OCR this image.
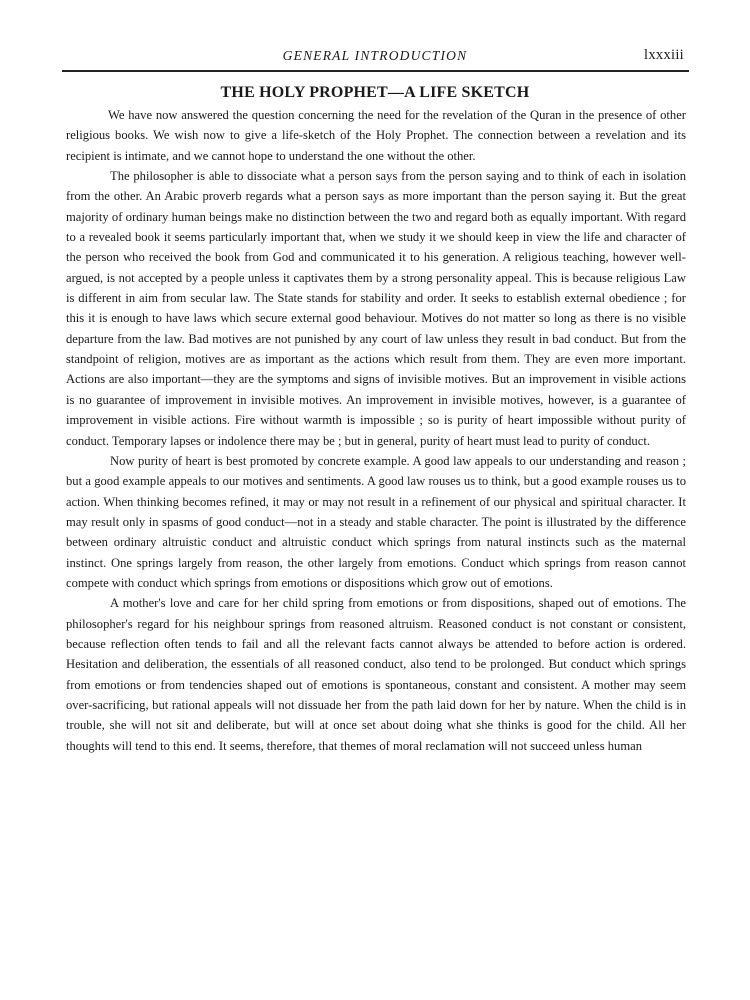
GENERAL INTRODUCTION	lxxxiii
THE HOLY PROPHET—A LIFE SKETCH

We have now answered the question concerning the need for the revelation of the Quran in the presence of other religious books. We wish now to give a life-sketch of the Holy Prophet. The connection between a revelation and its recipient is intimate, and we cannot hope to understand the one without the other.

The philosopher is able to dissociate what a person says from the person saying and to think of each in isolation from the other. An Arabic proverb regards what a person says as more important than the person saying it. But the great majority of ordinary human beings make no distinction between the two and regard both as equally important. With regard to a revealed book it seems particularly important that, when we study it we should keep in view the life and character of the person who received the book from God and communicated it to his generation. A religious teaching, however well-argued, is not accepted by a people unless it captivates them by a strong personality appeal. This is because religious Law is different in aim from secular law. The State stands for stability and order. It seeks to establish external obedience ; for this it is enough to have laws which secure external good behaviour. Motives do not matter so long as there is no visible departure from the law. Bad motives are not punished by any court of law unless they result in bad conduct. But from the standpoint of religion, motives are as important as the actions which result from them. They are even more important. Actions are also important—they are the symptoms and signs of invisible motives. But an improvement in visible actions is no guarantee of improvement in invisible motives. An improvement in invisible motives, however, is a guarantee of improvement in visible actions. Fire without warmth is impossible ; so is purity of heart impossible without purity of conduct. Temporary lapses or indolence there may be ; but in general, purity of heart must lead to purity of conduct.

Now purity of heart is best promoted by concrete example. A good law appeals to our understanding and reason ; but a good example appeals to our motives and sentiments. A good law rouses us to think, but a good example rouses us to action. When thinking becomes refined, it may or may not result in a refinement of our physical and spiritual character. It may result only in spasms of good conduct—not in a steady and stable character. The point is illustrated by the difference between ordinary altruistic conduct and altruistic conduct which springs from natural instincts such as the maternal instinct. One springs largely from reason, the other largely from emotions. Conduct which springs from reason cannot compete with conduct which springs from emotions or dispositions which grow out of emotions.

A mother's love and care for her child spring from emotions or from dispositions, shaped out of emotions. The philosopher's regard for his neighbour springs from reasoned altruism. Reasoned conduct is not constant or consistent, because reflection often tends to fail and all the relevant facts cannot always be attended to before action is ordered. Hesitation and deliberation, the essentials of all reasoned conduct, also tend to be prolonged. But conduct which springs from emotions or from tendencies shaped out of emotions is spontaneous, constant and consistent. A mother may seem over-sacrificing, but rational appeals will not dissuade her from the path laid down for her by nature. When the child is in trouble, she will not sit and deliberate, but will at once set about doing what she thinks is good for the child. All her thoughts will tend to this end. It seems, therefore, that themes of moral reclamation will not succeed unless human
